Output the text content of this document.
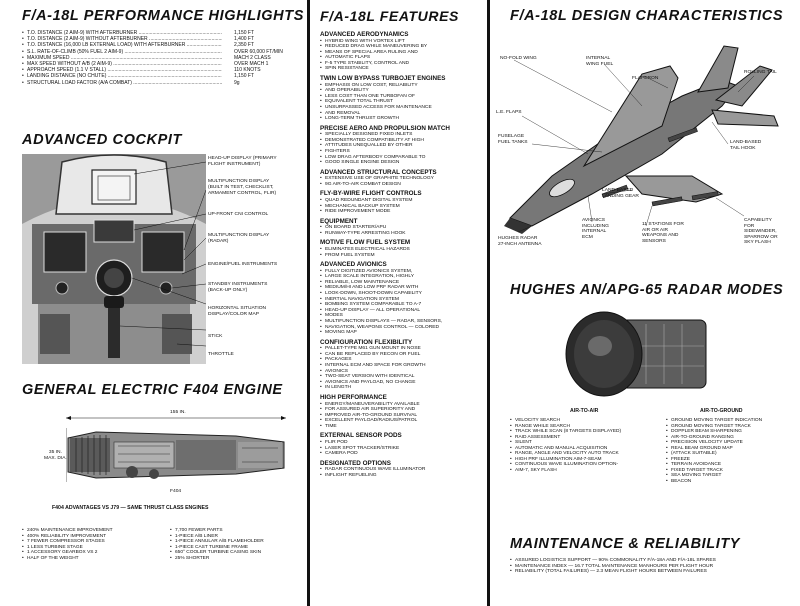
F/A-18L PERFORMANCE HIGHLIGHTS
• T.O. DISTANCE (2 AIM-9) WITH AFTERBURNER .....	1,150 FT
• T.O. DISTANCE (2 AIM-9) WITHOUT AFTERBURNER .....	1,400 FT
• T.O. DISTANCE (16,000 LB EXTERNAL LOAD) WITH AFTERBURNER .....	2,350 FT
• S.L. RATE-OF-CLIMB (50% FUEL 2 AIM-9) .....	OVER 60,000 FT/MIN
• MAXIMUM SPEED .....	MACH 2 CLASS
• MAX SPEED WITHOUT A/B (2 AIM-9) .....	OVER MACH 1
• APPROACH SPEED (1.1 V STALL) .....	110 KNOTS
• LANDING DISTANCE (NO CHUTE) .....	1,150 FT
• STRUCTURAL LOAD FACTOR (A/A COMBAT) .....	9g
ADVANCED COCKPIT
HEAD-UP DISPLAY (PRIMARY
FLIGHT INSTRUMENT)
MULTIFUNCTION DISPLAY
(BUILT IN TEST, CHECKLIST,
ARMAMENT CONTROL, FLIR)
UP-FRONT CNI CONTROL
MULTIFUNCTION DISPLAY
(RADAR)
ENGINE/FUEL INSTRUMENTS
STANDBY INSTRUMENTS
(BACK-UP ONLY)
HORIZONTAL SITUATION
DISPLAY/COLOR MAP
STICK
THROTTLE
GENERAL ELECTRIC F404 ENGINE
155 IN.
35 IN.
MAX. DIA.
F404
F404 ADVANTAGES VS J79 — SAME THRUST CLASS ENGINES
• 240% MAINTENANCE IMPROVEMENT
• 400% RELIABILITY IMPROVEMENT
• 7 FEWER COMPRESSOR STAGES
• 1 LESS TURBINE STAGE
• 1 ACCESSORY GEARBOX VS 2
• HALF OF THE WEIGHT
• 7,700 FEWER PARTS
• 1-PIECE A/B LINER
• 1-PIECE ANNULAR A/B FLAMEHOLDER
• 1-PIECE CAST TURBINE FRAME
• 650° COOLER TURBINE CASING SKIN
• 25% SHORTER
F/A-18L FEATURES
ADVANCED AERODYNAMICS
• HYBRID WING WITH VORTEX LIFT
• REDUCED DRAG WHILE MANEUVERING BY
• MEANS OF SPECIAL AREA RULING AND
• AUTOMATIC FLAPS
• F-5 TYPE STABILITY, CONTROL AND
• SPIN RESISTANCE
TWIN LOW BYPASS TURBOJET ENGINES
• EMPHASIS ON LOW COST, RELIABILITY
• AND OPERABILITY
• LESS COST THAN ONE TURBOFAN OF
• EQUIVALENT TOTAL THRUST
• UNSURPASSED ACCESS FOR MAINTENANCE
• AND REMOVAL
• LONG-TERM THRUST GROWTH
PRECISE AERO AND PROPULSION MATCH
• SPECIALLY DESIGNED FIXED INLETS
• DEMONSTRATED COMPATIBILITY AT HIGH
• ATTITUDES UNEQUALLED BY OTHER
• FIGHTERS
• LOW DRAG AFTERBODY COMPARABLE TO
• GOOD SINGLE ENGINE DESIGN
ADVANCED STRUCTURAL CONCEPTS
• EXTENSIVE USE OF GRAPHITE TECHNOLOGY
• 9G AIR-TO-AIR COMBAT DESIGN
FLY-BY-WIRE FLIGHT CONTROLS
• QUAD REDUNDANT DIGITAL SYSTEM
• MECHANICAL BACKUP SYSTEM
• RIDE IMPROVEMENT MODE
EQUIPMENT
• ON BOARD STARTER/APU
• RUNWAY-TYPE ARRESTING HOOK
MOTIVE FLOW FUEL SYSTEM
• ELIMINATES ELECTRICAL HAZARDS
• FROM FUEL SYSTEM
ADVANCED AVIONICS
• FULLY DIGITIZED AVIONICS SYSTEM,
• LARGE SCALE INTEGRATION, HIGHLY
• RELIABLE, LOW MAINTENANCE
• MEDIUM/HI AND LOW PRF RADAR WITH
• LOOK-DOWN, SHOOT-DOWN CAPABILITY
• INERTIAL NAVIGATION SYSTEM
• BOMBING SYSTEM COMPARABLE TO A-7
• HEAD-UP DISPLAY — ALL OPERATIONAL
• MODES
• MULTIFUNCTION DISPLAYS — RADAR, SENSORS,
• NAVIGATION, WEAPONS CONTROL — COLORED
• MOVING MAP
CONFIGURATION FLEXIBILITY
• PALLET-TYPE M61 GUN MOUNT IN NOSE
• CAN BE REPLACED BY RECON OR FUEL
• PACKAGES
• INTERNAL ECM AND SPACE FOR GROWTH
• AVIONICS
• TWO-SEAT VERSION WITH IDENTICAL
• AVIONICS AND PAYLOAD, NO CHANGE
• IN LENGTH
HIGH PERFORMANCE
• ENERGY/MANEUVERABILITY AVAILABLE
• FOR ASSURED AIR SUPERIORITY AND
• IMPROVED AIR-TO-GROUND SURVIVAL
• EXCELLENT PAYLOAD/RADIUS/PATROL
• TIME
EXTERNAL SENSOR PODS
• FLIR POD
• LASER SPOT TRACKER/STRIKE
• CAMERA POD
DESIGNATED OPTIONS
• RADAR CONTINUOUS WAVE ILLUMINATOR
• INFLIGHT REFUELING
F/A-18L DESIGN CHARACTERISTICS
NO-FOLD WING	INTERNAL
WING FUEL
FLAPERON
ROLLING TAIL
L.E. FLAPS
FUSELAGE
FUEL TANKS	LAND-BASED
TAIL HOOK
LAND-BASED
LANDING GEAR
HUGHES RADAR
27-INCH ANTENNA
AVIONICS
INCLUDING
INTERNAL
ECM
11 STATIONS FOR
AIR OR AIR
WEAPONS AND
SENSORS
CAPABILITY
FOR
SIDEWINDER,
SPARROW OR
SKY FLASH
HUGHES AN/APG-65 RADAR MODES
AIR-TO-AIR	AIR-TO-GROUND
• VELOCITY SEARCH
• RANGE WHILE SEARCH
• TRACK WHILE SCAN (8 TARGETS DISPLAYED)
• RAID ASSESSMENT
• SILENT
• AUTOMATIC AND MANUAL ACQUISITION
• RANGE, ANGLE AND VELOCITY AUTO TRACK
• HIGH PRF ILLUMINATION AIM-7-SEAM
• CONTINUOUS WAVE ILLUMINATION OPTION-
• AIM-7, SKY FLASH
• GROUND MOVING TARGET INDICATION
• GROUND MOVING TARGET TRACK
• DOPPLER BEAM SHARPENING
• AIR-TO-GROUND RANGING
• PRECISION VELOCITY UPDATE
• REAL BEAM GROUND MAP
• (ATTACK SUITABLE)
• FREEZE
• TERRAIN AVOIDANCE
• FIXED TARGET TRACK
• SEA MOVING TARGET
• BEACON
MAINTENANCE & RELIABILITY
• ASSURED LOGISTICS SUPPORT — 90% COMMONALITY F/A-18A AND F/A-18L SPARES
• MAINTENANCE INDEX — 16.7 TOTAL MAINTENANCE MANHOURS PER FLIGHT HOUR
• RELIABILITY (TOTAL FAILURES) — 2.3 MEAN FLIGHT HOURS BETWEEN FAILURES
